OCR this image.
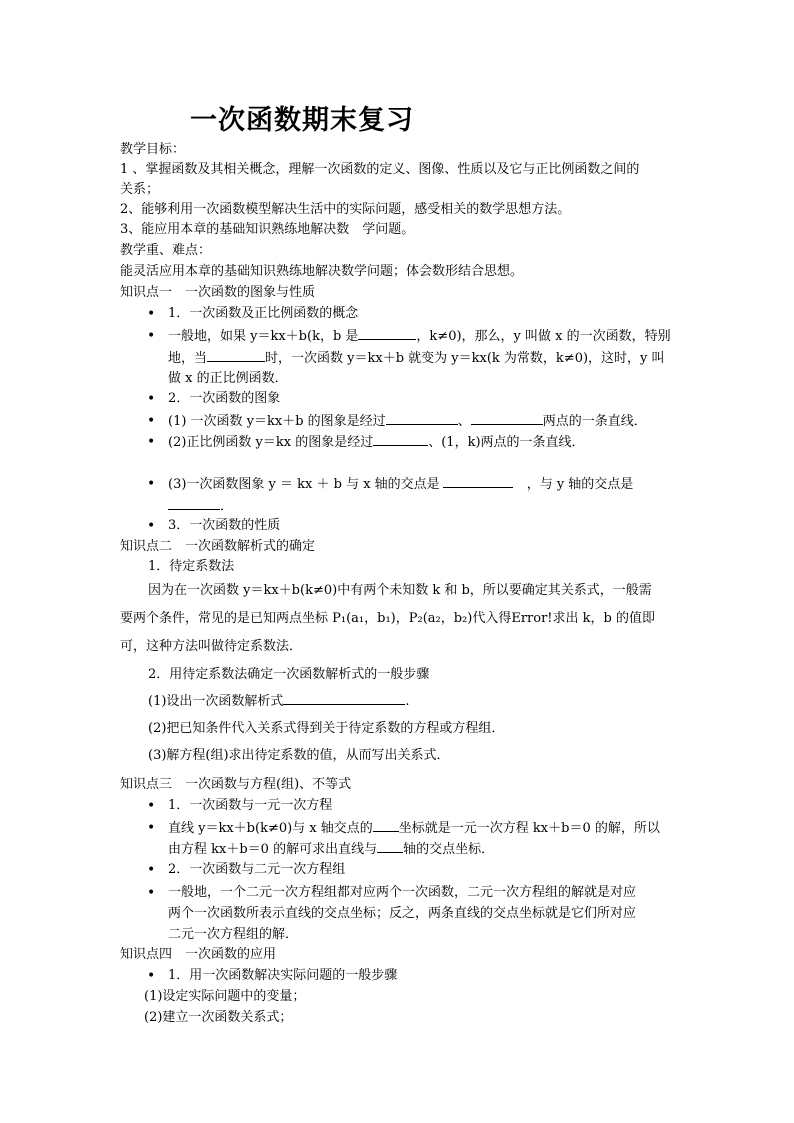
一次函数期末复习
教学目标：
1 、掌握函数及其相关概念，理解一次函数的定义、图像、性质以及它与正比例函数之间的
关系；
2、能够利用一次函数模型解决生活中的实际问题，感受相关的数学思想方法。
3、能应用本章的基础知识熟练地解决数　学问题。
教学重、难点：
能灵活应用本章的基础知识熟练地解决数学问题；体会数形结合思想。
知识点一　一次函数的图象与性质
• 1．一次函数及正比例函数的概念
• 一般地，如果 y＝kx＋b(k，b 是	，k≠0)，那么，y 叫做 x 的一次函数，特别
地，当	时，一次函数 y＝kx＋b 就变为 y＝kx(k 为常数，k≠0)，这时，y 叫
做 x 的正比例函数．
• 2．一次函数的图象
• (1) 一次函数 y＝kx＋b 的图象是经过	、	两点的一条直线．
• (2)正比例函数 y＝kx 的图象是经过	、(1，k)两点的一条直线．
• (3)一次函数图象 y ＝ kx ＋ b 与 x 轴的交点是	，与 y 轴的交点是
．
• 3．一次函数的性质
知识点二　一次函数解析式的确定
1．待定系数法
因为在一次函数 y＝kx＋b(k≠0)中有两个未知数 k 和 b，所以要确定其关系式，一般需
要两个条件，常见的是已知两点坐标 P₁(a₁，b₁)，P₂(a₂，b₂)代入得Error!求出 k，b 的值即
可，这种方法叫做待定系数法．
2．用待定系数法确定一次函数解析式的一般步骤
(1)设出一次函数解析式	.
(2)把已知条件代入关系式得到关于待定系数的方程或方程组．
(3)解方程(组)求出待定系数的值，从而写出关系式．
知识点三　一次函数与方程(组)、不等式
• 1．一次函数与一元一次方程
• 直线 y＝kx＋b(k≠0)与 x 轴交点的 坐标就是一元一次方程 kx＋b＝0 的解，所以
由方程 kx＋b＝0 的解可求出直线与 轴的交点坐标．
• 2．一次函数与二元一次方程组
• 一般地，一个二元一次方程组都对应两个一次函数，二元一次方程组的解就是对应
两个一次函数所表示直线的交点坐标；反之，两条直线的交点坐标就是它们所对应
二元一次方程组的解．
知识点四　一次函数的应用
• 1．用一次函数解决实际问题的一般步骤
(1)设定实际问题中的变量；
(2)建立一次函数关系式；
